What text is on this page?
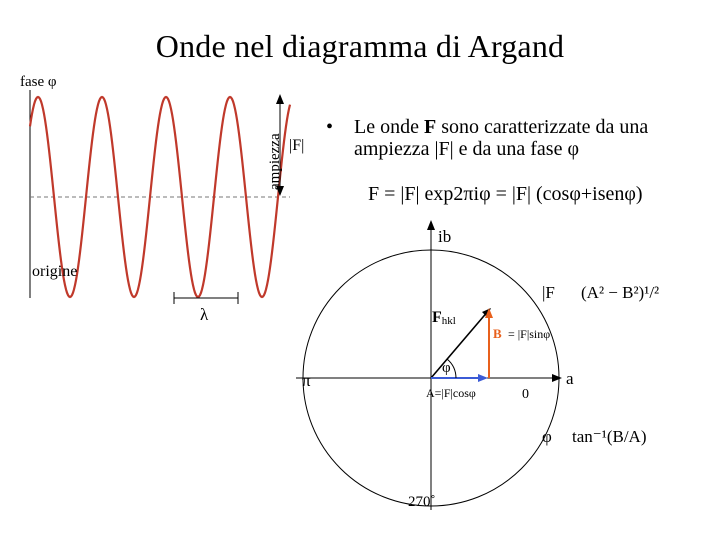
Onde nel diagramma di Argand
fase φ
ampiezza |F|
origine
λ
• Le onde F sono caratterizzate da una ampiezza |F| e da una fase φ
F = |F| exp2πiφ = |F| (cosφ+isenφ)
ib
a
π
0
270˚
Fhkl
B = |F|sinφ
A=|F|cosφ
φ
|F (A² − B²)¹/²
φ tan⁻¹(B/A)
